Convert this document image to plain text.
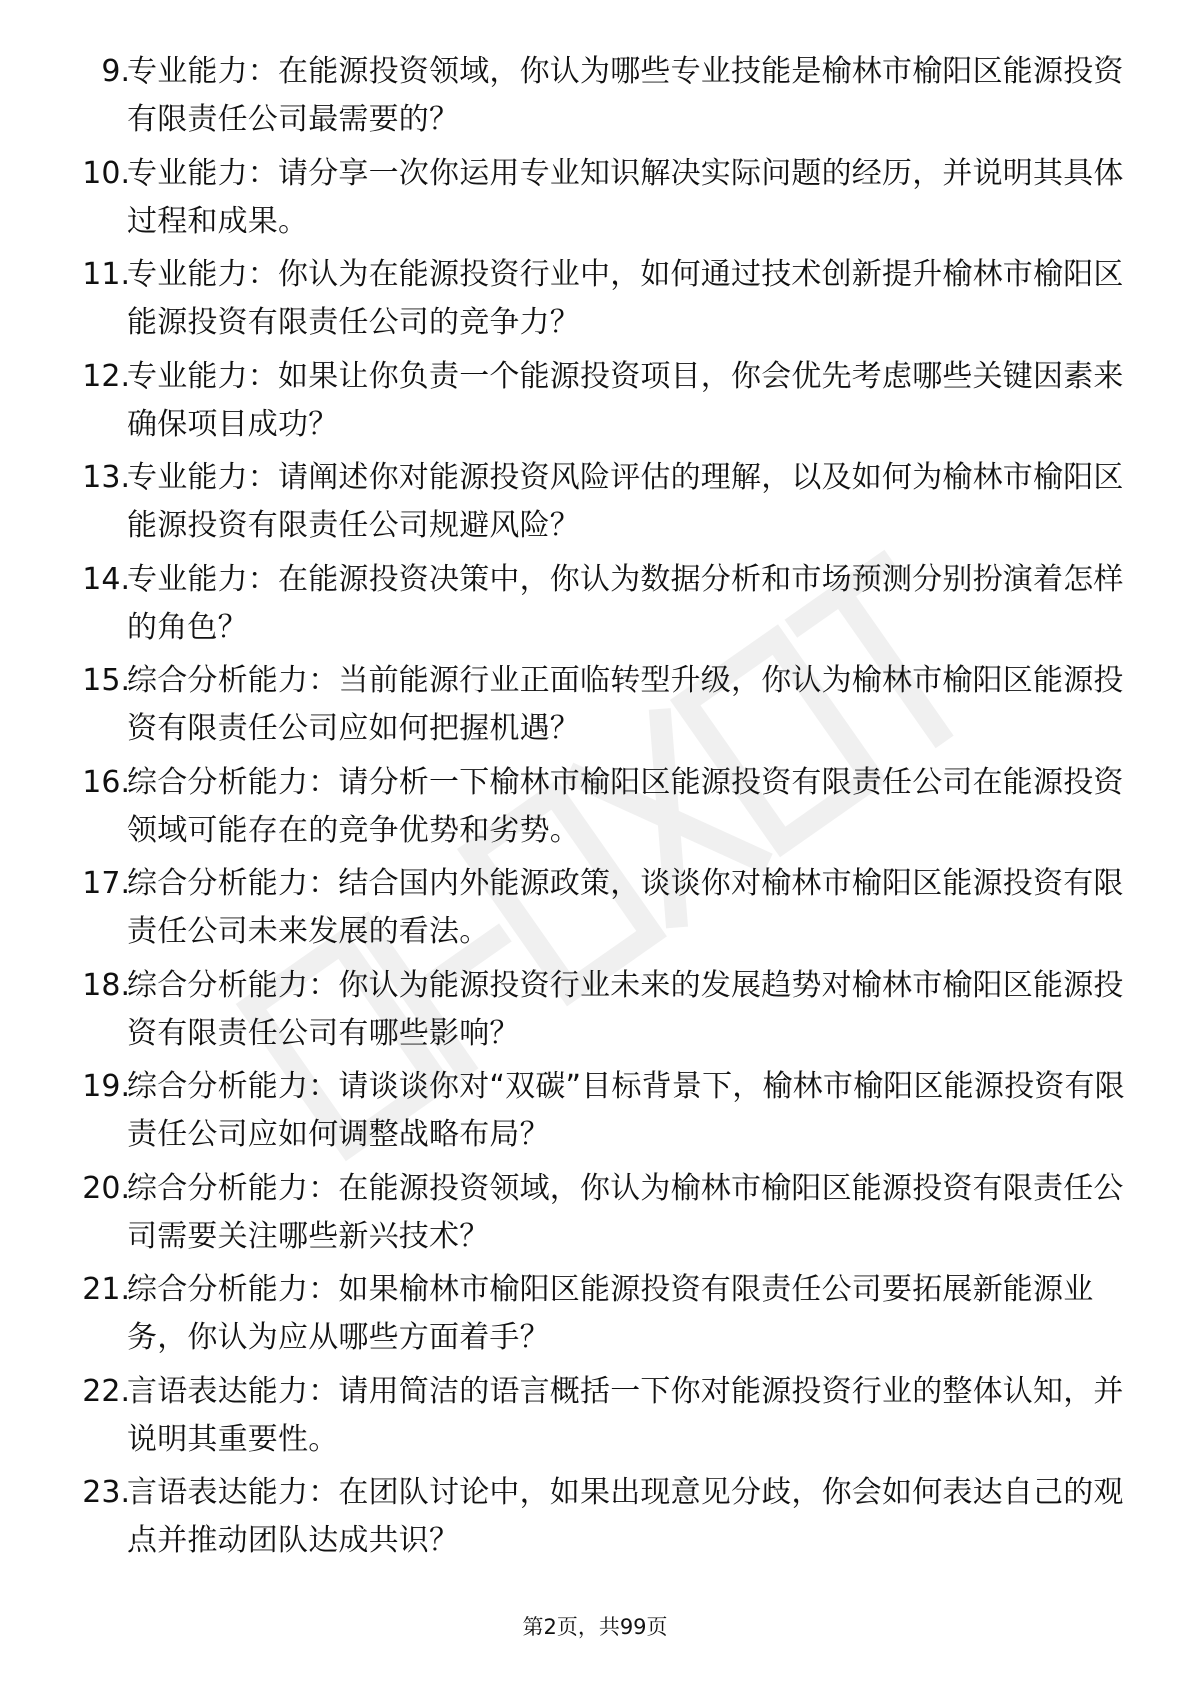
9.
专业能力：在能源投资领域，你认为哪些专业技能是榆林市榆阳区能源投资有限责任公司最需要的？
10.
专业能力：请分享一次你运用专业知识解决实际问题的经历，并说明其具体过程和成果。
11.
专业能力：你认为在能源投资行业中，如何通过技术创新提升榆林市榆阳区能源投资有限责任公司的竞争力？
12.
专业能力：如果让你负责一个能源投资项目，你会优先考虑哪些关键因素来确保项目成功？
13.
专业能力：请阐述你对能源投资风险评估的理解，以及如何为榆林市榆阳区能源投资有限责任公司规避风险？
14.
专业能力：在能源投资决策中，你认为数据分析和市场预测分别扮演着怎样的角色？
15.
综合分析能力：当前能源行业正面临转型升级，你认为榆林市榆阳区能源投资有限责任公司应如何把握机遇？
16.
综合分析能力：请分析一下榆林市榆阳区能源投资有限责任公司在能源投资领域可能存在的竞争优势和劣势。
17.
综合分析能力：结合国内外能源政策，谈谈你对榆林市榆阳区能源投资有限责任公司未来发展的看法。
18.
综合分析能力：你认为能源投资行业未来的发展趋势对榆林市榆阳区能源投资有限责任公司有哪些影响？
19.
综合分析能力：请谈谈你对“双碳”目标背景下，榆林市榆阳区能源投资有限责任公司应如何调整战略布局？
20.
综合分析能力：在能源投资领域，你认为榆林市榆阳区能源投资有限责任公司需要关注哪些新兴技术？
21.
综合分析能力：如果榆林市榆阳区能源投资有限责任公司要拓展新能源业务，你认为应从哪些方面着手？
22.
言语表达能力：请用简洁的语言概括一下你对能源投资行业的整体认知，并说明其重要性。
23.
言语表达能力：在团队讨论中，如果出现意见分歧，你会如何表达自己的观点并推动团队达成共识？
第2页，共99页
